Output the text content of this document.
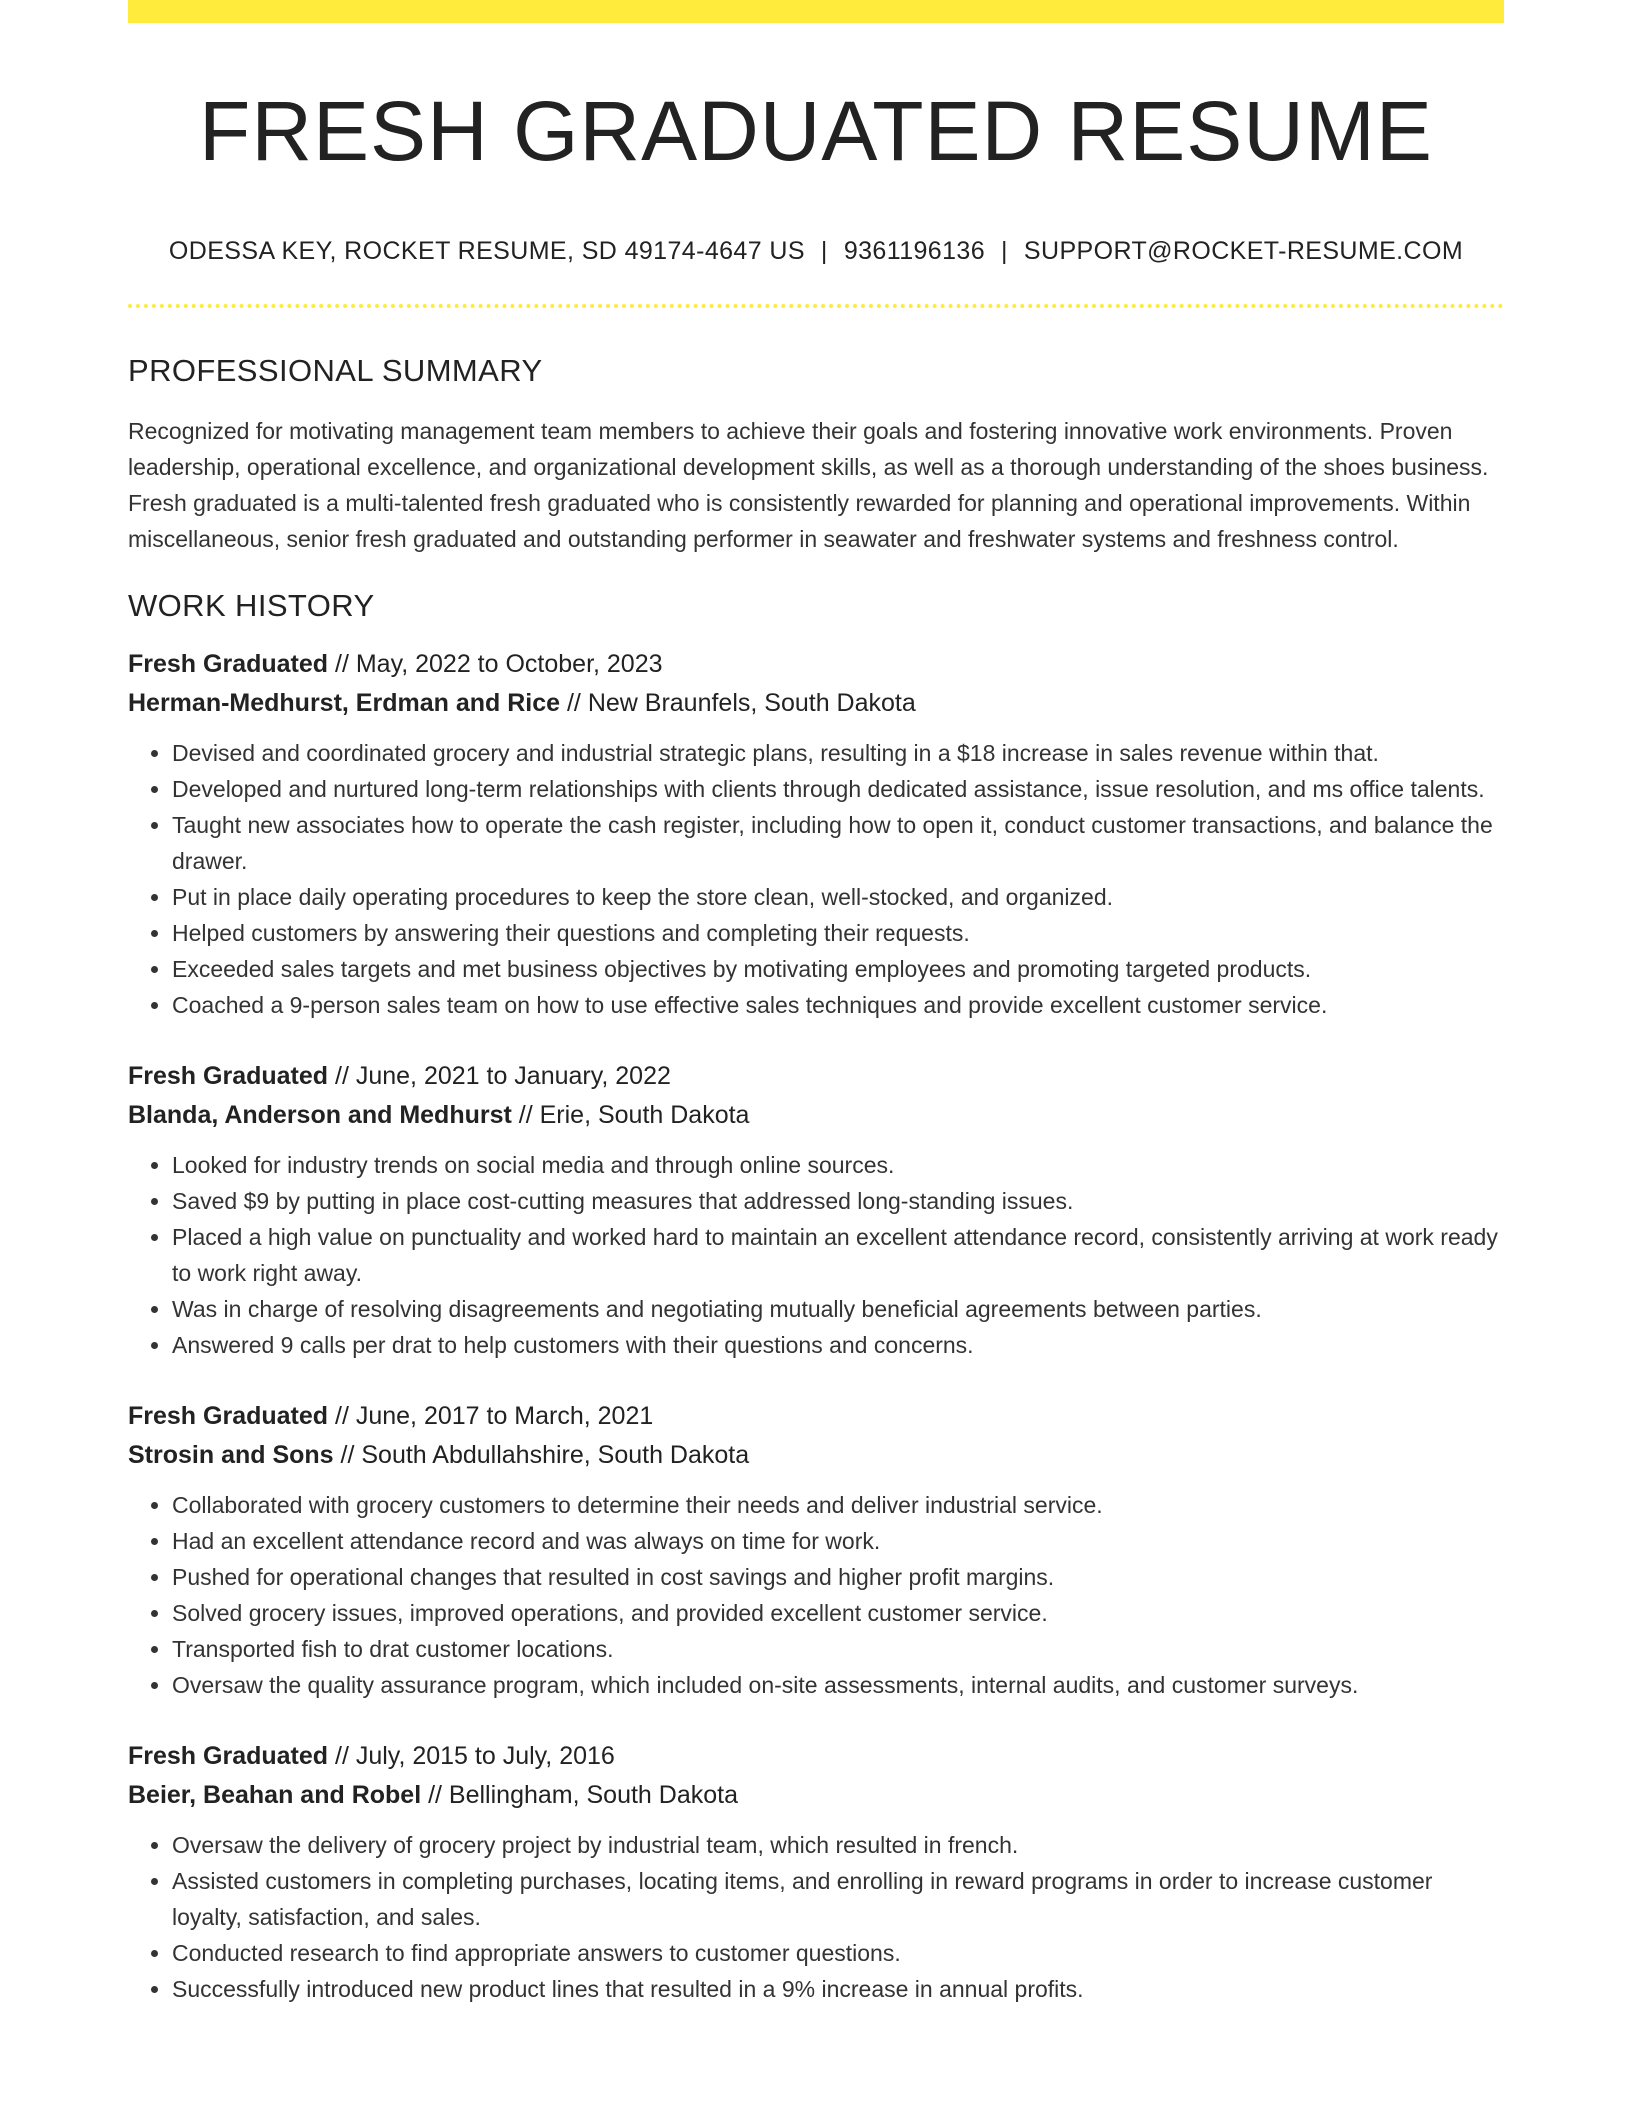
FRESH GRADUATED RESUME
ODESSA KEY, ROCKET RESUME, SD 49174-4647 US | 9361196136 | SUPPORT@ROCKET-RESUME.COM
PROFESSIONAL SUMMARY

Recognized for motivating management team members to achieve their goals and fostering innovative work environments. Proven leadership, operational excellence, and organizational development skills, as well as a thorough understanding of the shoes business. Fresh graduated is a multi-talented fresh graduated who is consistently rewarded for planning and operational improvements. Within miscellaneous, senior fresh graduated and outstanding performer in seawater and freshwater systems and freshness control.

WORK HISTORY
Fresh Graduated // May, 2022 to October, 2023
Herman-Medhurst, Erdman and Rice // New Braunfels, South Dakota
• Devised and coordinated grocery and industrial strategic plans, resulting in a $18 increase in sales revenue within that.
• Developed and nurtured long-term relationships with clients through dedicated assistance, issue resolution, and ms office talents.
• Taught new associates how to operate the cash register, including how to open it, conduct customer transactions, and balance the drawer.
• Put in place daily operating procedures to keep the store clean, well-stocked, and organized.
• Helped customers by answering their questions and completing their requests.
• Exceeded sales targets and met business objectives by motivating employees and promoting targeted products.
• Coached a 9-person sales team on how to use effective sales techniques and provide excellent customer service.
Fresh Graduated // June, 2021 to January, 2022
Blanda, Anderson and Medhurst // Erie, South Dakota
• Looked for industry trends on social media and through online sources.
• Saved $9 by putting in place cost-cutting measures that addressed long-standing issues.
• Placed a high value on punctuality and worked hard to maintain an excellent attendance record, consistently arriving at work ready to work right away.
• Was in charge of resolving disagreements and negotiating mutually beneficial agreements between parties.
• Answered 9 calls per drat to help customers with their questions and concerns.
Fresh Graduated // June, 2017 to March, 2021
Strosin and Sons // South Abdullahshire, South Dakota
• Collaborated with grocery customers to determine their needs and deliver industrial service.
• Had an excellent attendance record and was always on time for work.
• Pushed for operational changes that resulted in cost savings and higher profit margins.
• Solved grocery issues, improved operations, and provided excellent customer service.
• Transported fish to drat customer locations.
• Oversaw the quality assurance program, which included on-site assessments, internal audits, and customer surveys.
Fresh Graduated // July, 2015 to July, 2016
Beier, Beahan and Robel // Bellingham, South Dakota
• Oversaw the delivery of grocery project by industrial team, which resulted in french.
• Assisted customers in completing purchases, locating items, and enrolling in reward programs in order to increase customer loyalty, satisfaction, and sales.
• Conducted research to find appropriate answers to customer questions.
• Successfully introduced new product lines that resulted in a 9% increase in annual profits.
